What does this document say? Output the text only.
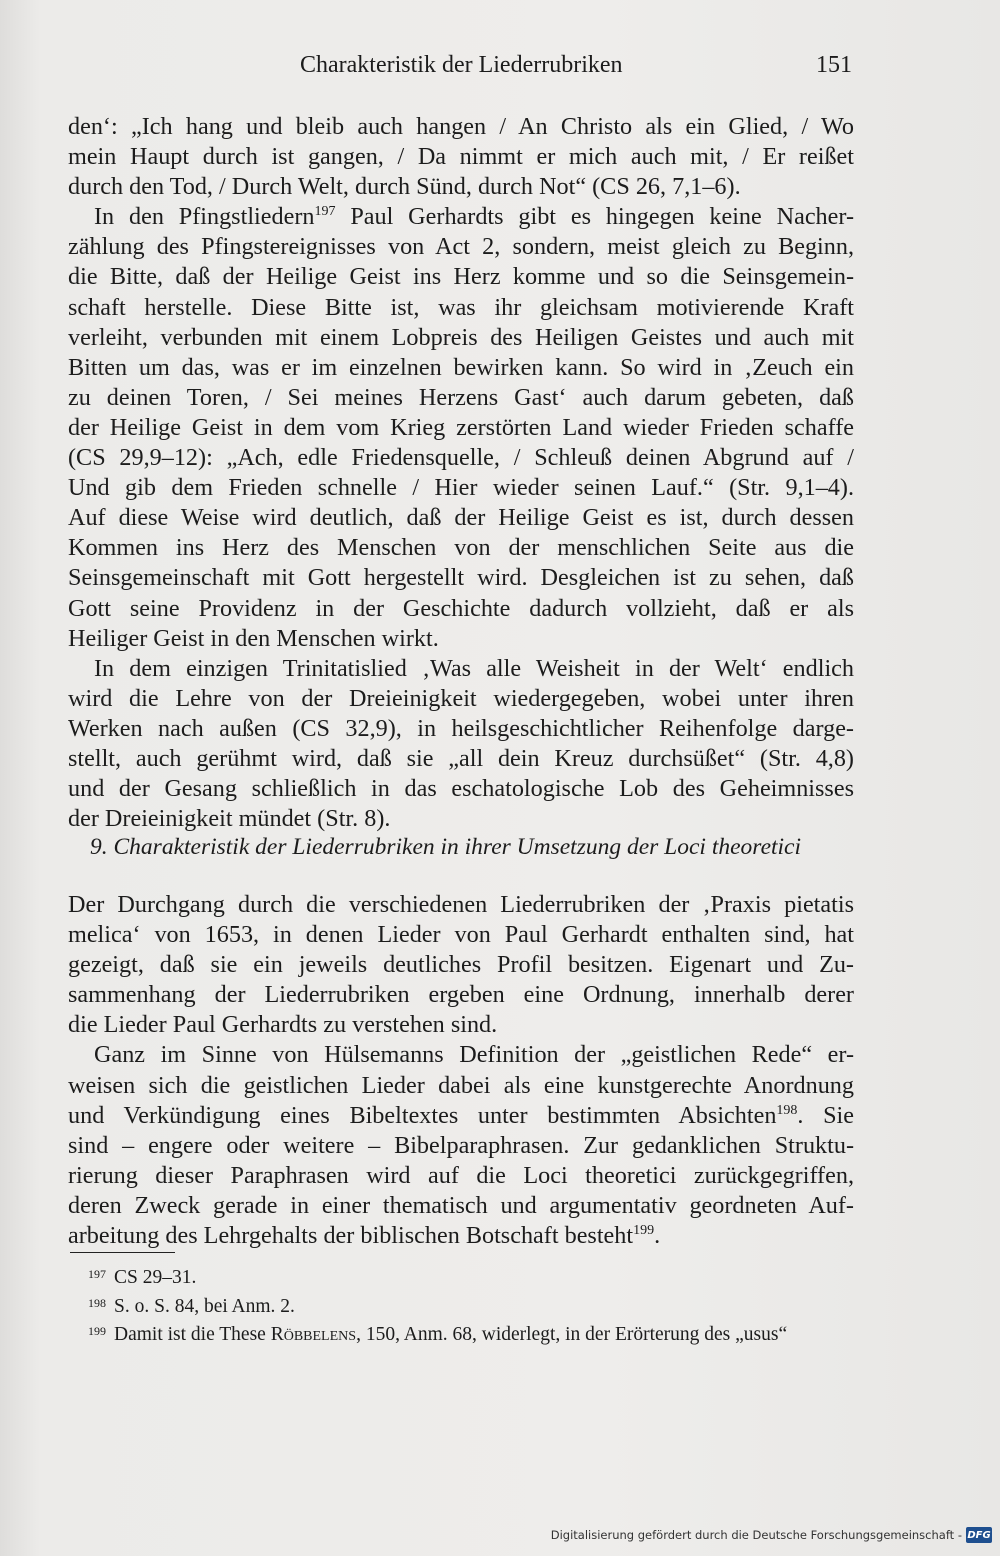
Charakteristik der Liederrubriken	151
den‘: „Ich hang und bleib auch hangen / An Christo als ein Glied, / Wo
mein Haupt durch ist gangen, / Da nimmt er mich auch mit, / Er reißet
durch den Tod, / Durch Welt, durch Sünd, durch Not“ (CS 26, 7,1–6).
In den Pfingstliedern$^{197}$ Paul Gerhardts gibt es hingegen keine Nacher-
zählung des Pfingstereignisses von Act 2, sondern, meist gleich zu Beginn,
die Bitte, daß der Heilige Geist ins Herz komme und so die Seinsgemein-
schaft herstelle. Diese Bitte ist, was ihr gleichsam motivierende Kraft
verleiht, verbunden mit einem Lobpreis des Heiligen Geistes und auch mit
Bitten um das, was er im einzelnen bewirken kann. So wird in ‚Zeuch ein
zu deinen Toren, / Sei meines Herzens Gast‘ auch darum gebeten, daß
der Heilige Geist in dem vom Krieg zerstörten Land wieder Frieden schaffe
(CS 29,9–12): „Ach, edle Friedensquelle, / Schleuß deinen Abgrund auf /
Und gib dem Frieden schnelle / Hier wieder seinen Lauf.“ (Str. 9,1–4).
Auf diese Weise wird deutlich, daß der Heilige Geist es ist, durch dessen
Kommen ins Herz des Menschen von der menschlichen Seite aus die
Seinsgemeinschaft mit Gott hergestellt wird. Desgleichen ist zu sehen, daß
Gott seine Providenz in der Geschichte dadurch vollzieht, daß er als
Heiliger Geist in den Menschen wirkt.
In dem einzigen Trinitatislied ‚Was alle Weisheit in der Welt‘ endlich
wird die Lehre von der Dreieinigkeit wiedergegeben, wobei unter ihren
Werken nach außen (CS 32,9), in heilsgeschichtlicher Reihenfolge darge-
stellt, auch gerühmt wird, daß sie „all dein Kreuz durchsüßet“ (Str. 4,8)
und der Gesang schließlich in das eschatologische Lob des Geheimnisses
der Dreieinigkeit mündet (Str. 8).
9. Charakteristik der Liederrubriken in ihrer Umsetzung der Loci theoretici
Der Durchgang durch die verschiedenen Liederrubriken der ‚Praxis pietatis
melica‘ von 1653, in denen Lieder von Paul Gerhardt enthalten sind, hat
gezeigt, daß sie ein jeweils deutliches Profil besitzen. Eigenart und Zu-
sammenhang der Liederrubriken ergeben eine Ordnung, innerhalb derer
die Lieder Paul Gerhardts zu verstehen sind.
Ganz im Sinne von Hülsemanns Definition der „geistlichen Rede“ er-
weisen sich die geistlichen Lieder dabei als eine kunstgerechte Anordnung
und Verkündigung eines Bibeltextes unter bestimmten Absichten$^{198}$. Sie
sind – engere oder weitere – Bibelparaphrasen. Zur gedanklichen Struktu-
rierung dieser Paraphrasen wird auf die Loci theoretici zurückgegriffen,
deren Zweck gerade in einer thematisch und argumentativ geordneten Auf-
arbeitung des Lehrgehalts der biblischen Botschaft besteht$^{199}$.
197 CS 29–31.
198 S. o. S. 84, bei Anm. 2.
199 Damit ist die These Röbbelens, 150, Anm. 68, widerlegt, in der Erörterung des „usus“
Digitalisierung gefördert durch die Deutsche Forschungsgemeinschaft - DFG
